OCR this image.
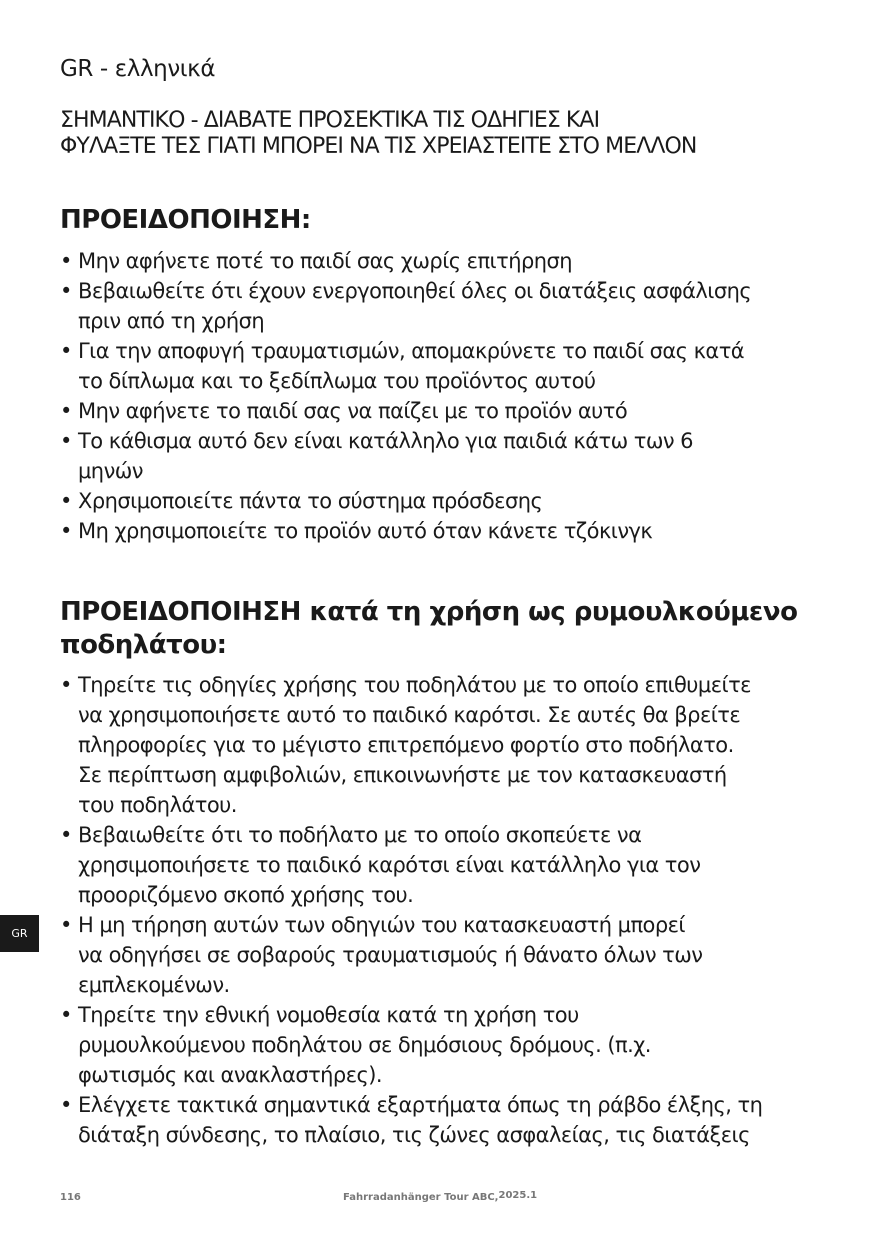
GR - ελληνικά
ΣΗΜΑΝΤΙΚΟ - ΔΙΑΒΑΤΕ ΠΡΟΣΕΚΤΙΚΑ ΤΙΣ ΟΔΗΓΙΕΣ ΚΑΙ
ΦΥΛΑΞΤΕ ΤΕΣ ΓΙΑΤΙ ΜΠΟΡΕΙ ΝΑ ΤΙΣ ΧΡΕΙΑΣΤΕΙΤΕ ΣΤΟ ΜΕΛΛΟΝ
ΠΡΟΕΙΔΟΠΟΙΗΣΗ:
• Μην αφήνετε ποτέ το παιδί σας χωρίς επιτήρηση
• Βεβαιωθείτε ότι έχουν ενεργοποιηθεί όλες οι διατάξεις ασφάλισης
πριν από τη χρήση
• Για την αποφυγή τραυματισμών, απομακρύνετε το παιδί σας κατά
το δίπλωμα και το ξεδίπλωμα του προϊόντος αυτού
• Μην αφήνετε το παιδί σας να παίζει με το προϊόν αυτό
• Το κάθισμα αυτό δεν είναι κατάλληλο για παιδιά κάτω των 6
μηνών
• Χρησιμοποιείτε πάντα το σύστημα πρόσδεσης
• Μη χρησιμοποιείτε το προϊόν αυτό όταν κάνετε τζόκινγκ
ΠΡΟΕΙΔΟΠΟΙΗΣΗ κατά τη χρήση ως ρυμουλκούμενο
ποδηλάτου:
• Τηρείτε τις οδηγίες χρήσης του ποδηλάτου με το οποίο επιθυμείτε
να χρησιμοποιήσετε αυτό το παιδικό καρότσι. Σε αυτές θα βρείτε
πληροφορίες για το μέγιστο επιτρεπόμενο φορτίο στο ποδήλατο.
Σε περίπτωση αμφιβολιών, επικοινωνήστε με τον κατασκευαστή
του ποδηλάτου.
• Βεβαιωθείτε ότι το ποδήλατο με το οποίο σκοπεύετε να
χρησιμοποιήσετε το παιδικό καρότσι είναι κατάλληλο για τον
προοριζόμενο σκοπό χρήσης του.
• Η μη τήρηση αυτών των οδηγιών του κατασκευαστή μπορεί
να οδηγήσει σε σοβαρούς τραυματισμούς ή θάνατο όλων των
εμπλεκομένων.
• Τηρείτε την εθνική νομοθεσία κατά τη χρήση του
ρυμουλκούμενου ποδηλάτου σε δημόσιους δρόμους. (π.χ.
φωτισμός και ανακλαστήρες).
• Ελέγχετε τακτικά σημαντικά εξαρτήματα όπως τη ράβδο έλξης, τη
διάταξη σύνδεσης, το πλαίσιο, τις ζώνες ασφαλείας, τις διατάξεις
GR
116	Fahrradanhänger Tour ABC,2025.1
